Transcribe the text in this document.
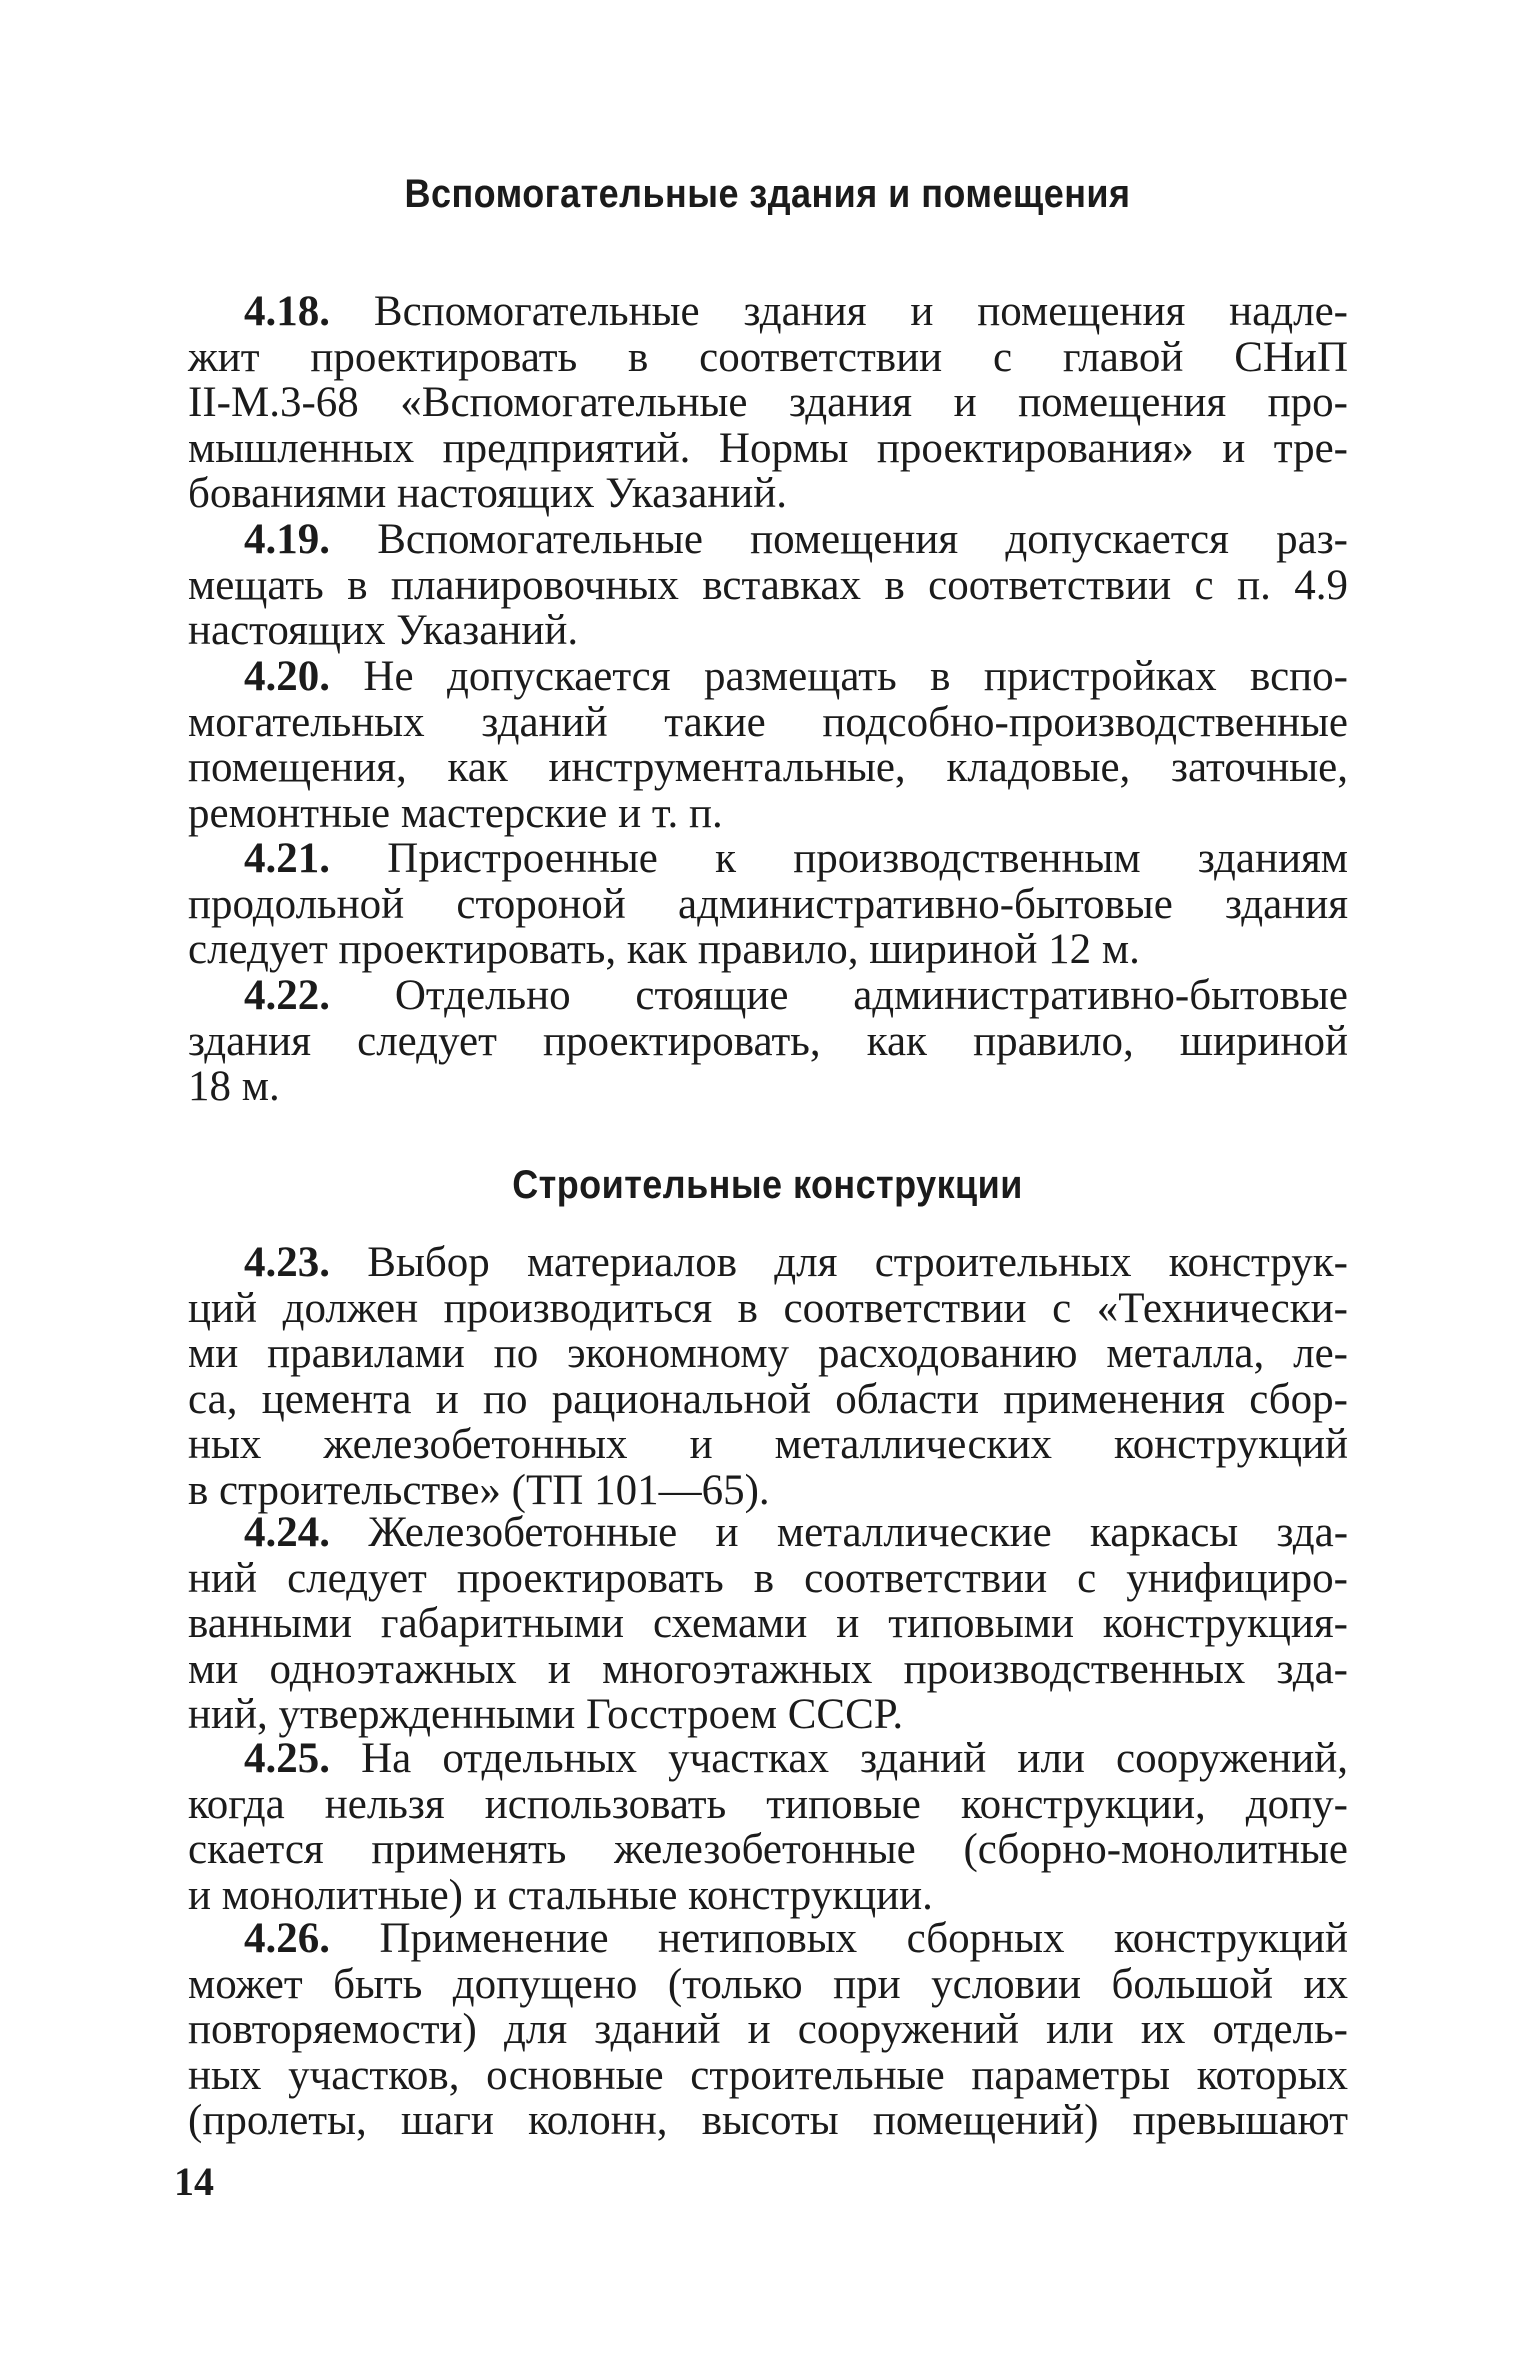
Вспомогательные здания и помещения
4.18. Вспомогательные здания и помещения надле-
жит проектировать в соответствии с главой СНиП
II-М.3-68 «Вспомогательные здания и помещения про-
мышленных предприятий. Нормы проектирования» и тре-
бованиями настоящих Указаний.
4.19. Вспомогательные помещения допускается раз-
мещать в планировочных вставках в соответствии с п. 4.9
настоящих Указаний.
4.20. Не допускается размещать в пристройках вспо-
могательных зданий такие подсобно-производственные
помещения, как инструментальные, кладовые, заточные,
ремонтные мастерские и т. п.
4.21. Пристроенные к производственным зданиям
продольной стороной административно-бытовые здания
следует проектировать, как правило, шириной 12 м.
4.22. Отдельно стоящие административно-бытовые
здания следует проектировать, как правило, шириной
18 м.
Строительные конструкции
4.23. Выбор материалов для строительных конструк-
ций должен производиться в соответствии с «Технически-
ми правилами по экономному расходованию металла, ле-
са, цемента и по рациональной области применения сбор-
ных железобетонных и металлических конструкций
в строительстве» (ТП 101—65).
4.24. Железобетонные и металлические каркасы зда-
ний следует проектировать в соответствии с унифициро-
ванными габаритными схемами и типовыми конструкция-
ми одноэтажных и многоэтажных производственных зда-
ний, утвержденными Госстроем СССР.
4.25. На отдельных участках зданий или сооружений,
когда нельзя использовать типовые конструкции, допу-
скается применять железобетонные (сборно-монолитные
и монолитные) и стальные конструкции.
4.26. Применение нетиповых сборных конструкций
может быть допущено (только при условии большой их
повторяемости) для зданий и сооружений или их отдель-
ных участков, основные строительные параметры которых
(пролеты, шаги колонн, высоты помещений) превышают
14
